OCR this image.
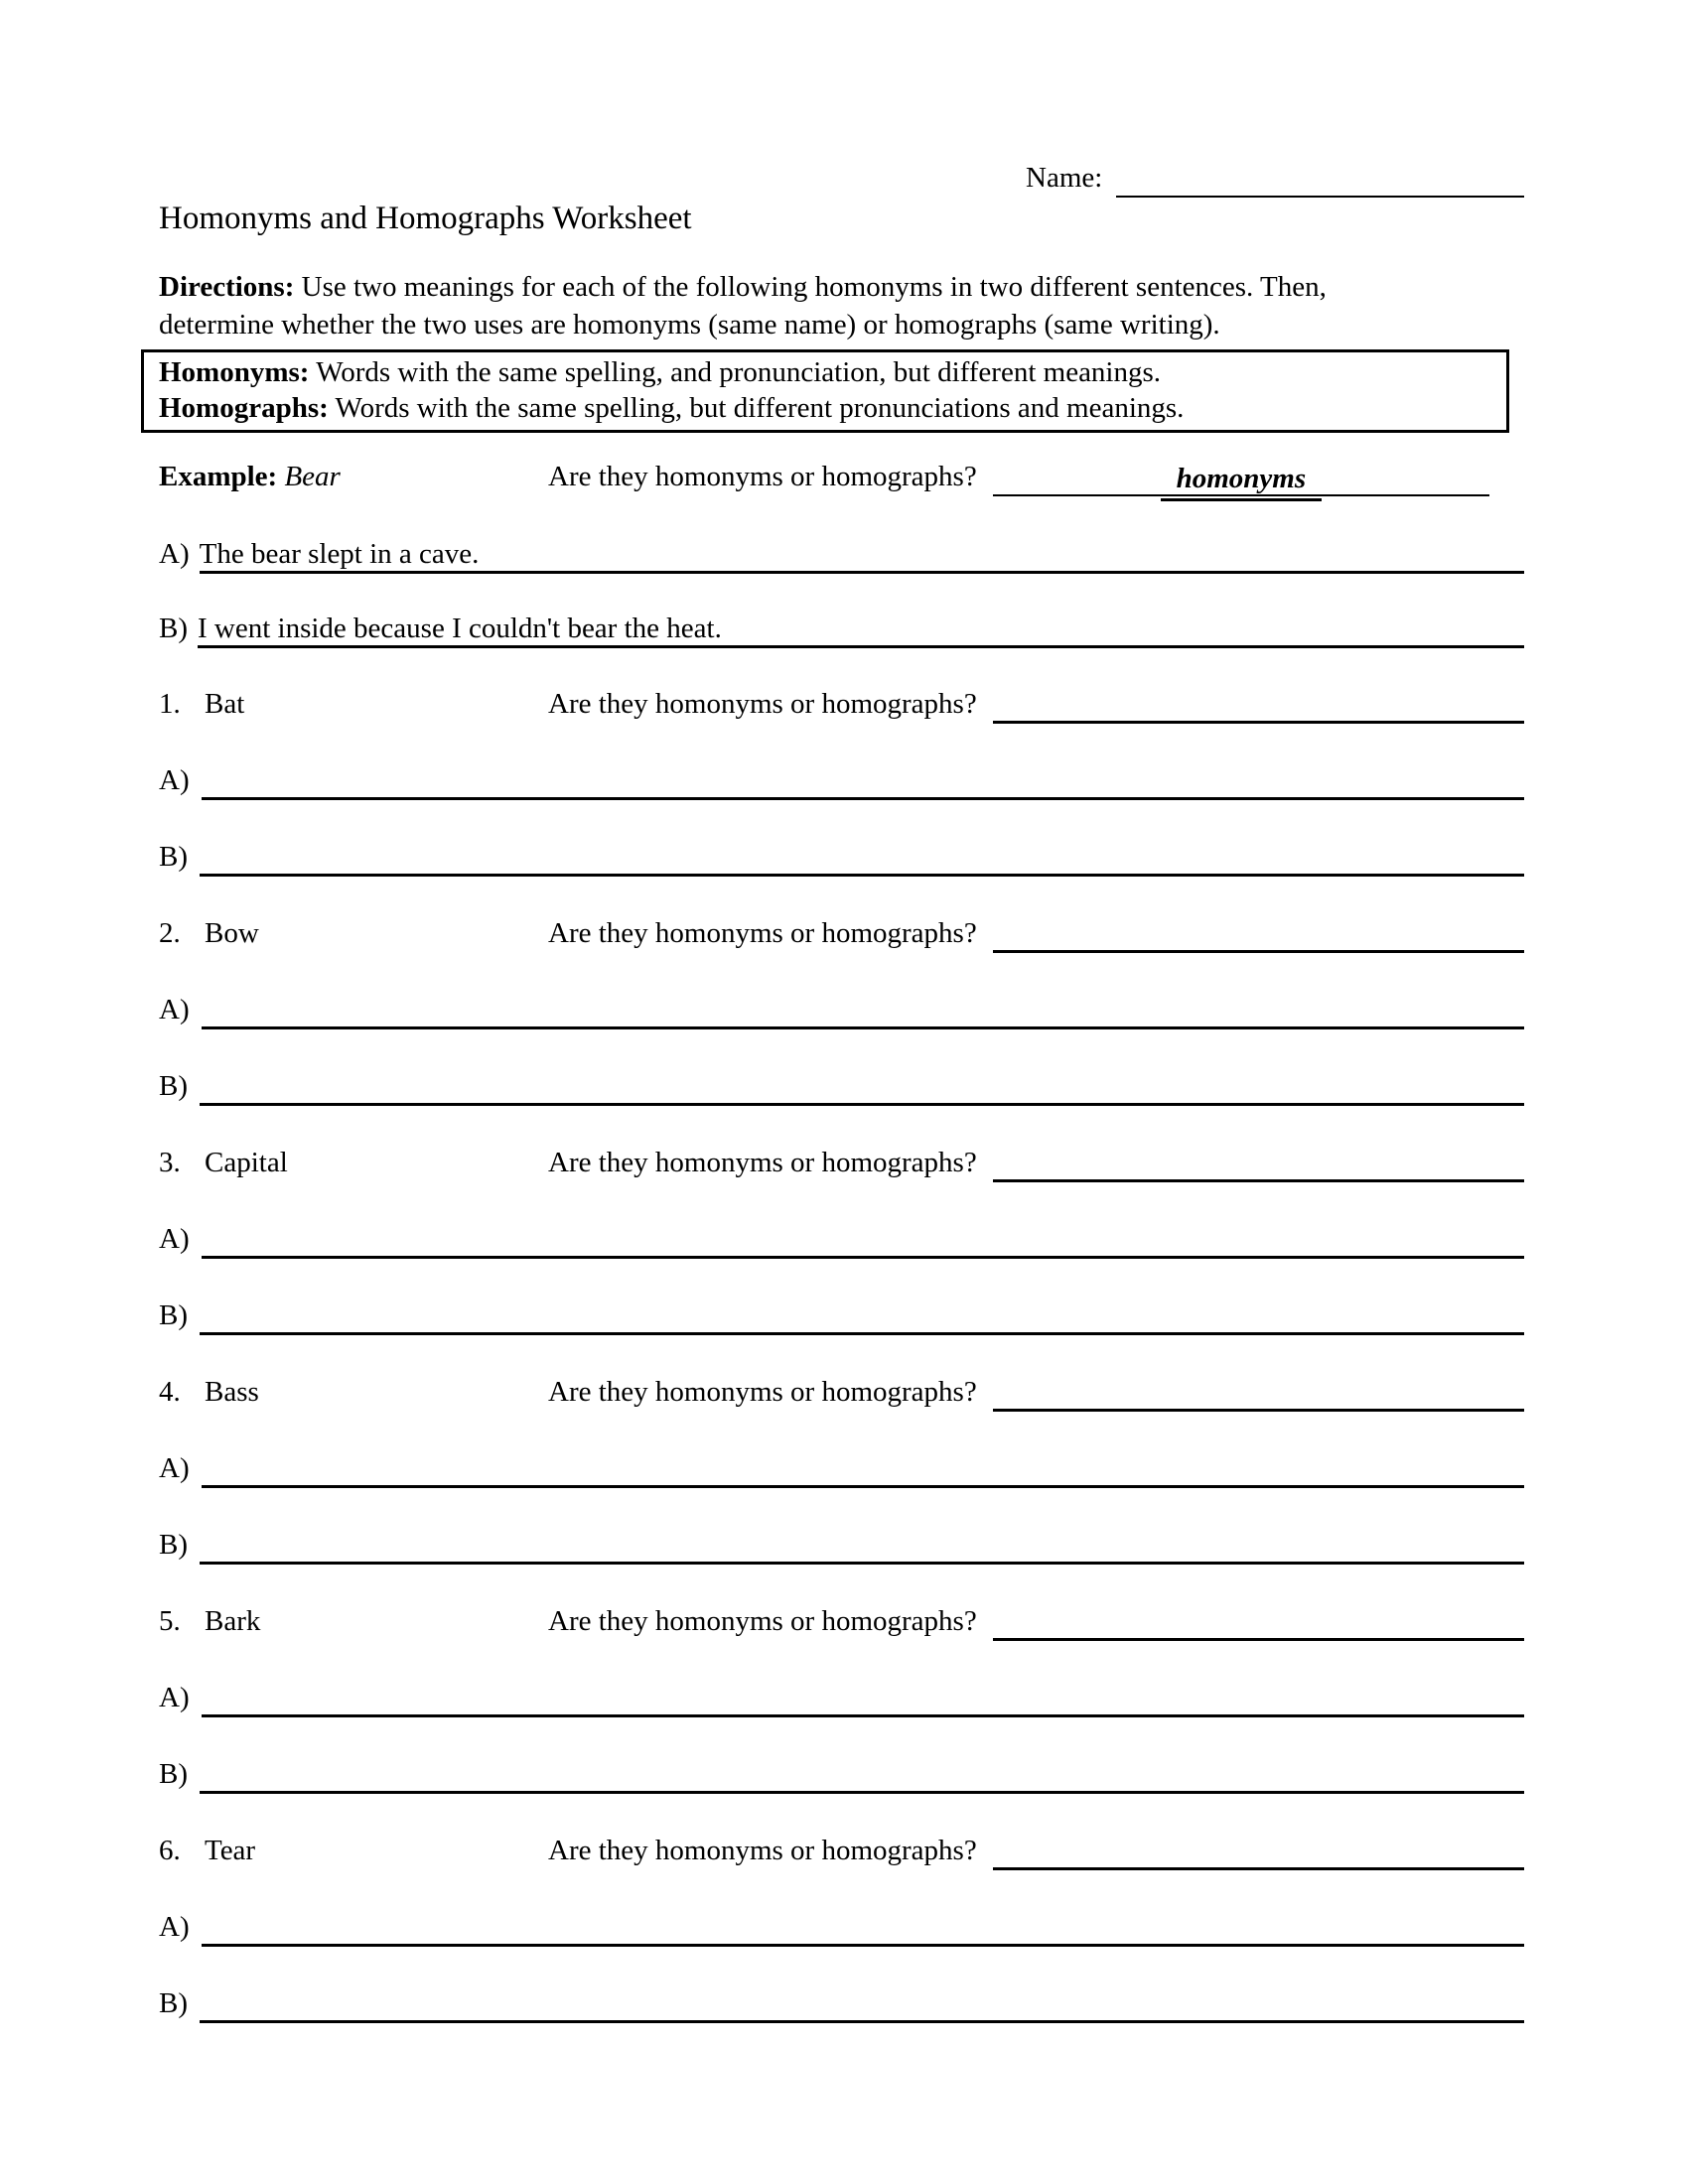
Name:
Homonyms and Homographs Worksheet
Directions: Use two meanings for each of the following homonyms in two different sentences. Then,
determine whether the two uses are homonyms (same name) or homographs (same writing).
Homonyms: Words with the same spelling, and pronunciation, but different meanings.
Homographs: Words with the same spelling, but different pronunciations and meanings.
Example: Bear	Are they homonyms or homographs?	homonyms
A) The bear slept in a cave.
B) I went inside because I couldn't bear the heat.
1. Bat	Are they homonyms or homographs?
A)
B)
2. Bow	Are they homonyms or homographs?
A)
B)
3. Capital	Are they homonyms or homographs?
A)
B)
4. Bass	Are they homonyms or homographs?
A)
B)
5. Bark	Are they homonyms or homographs?
A)
B)
6. Tear	Are they homonyms or homographs?
A)
B)
